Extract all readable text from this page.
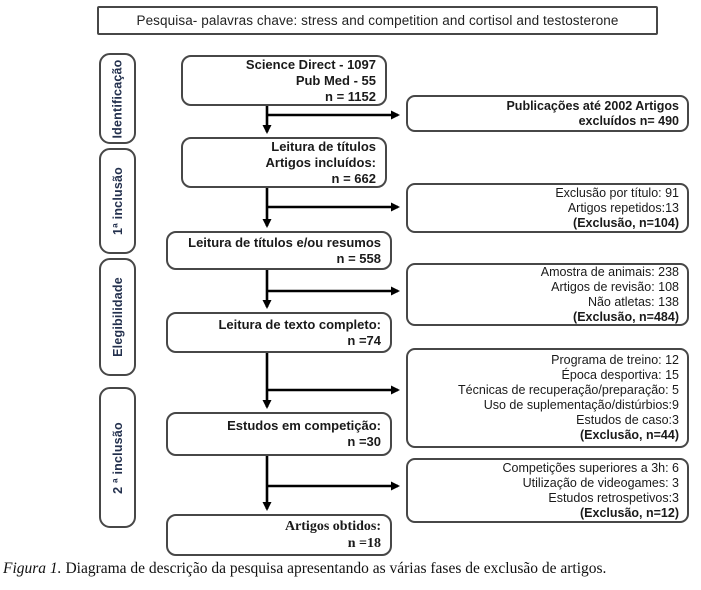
Pesquisa- palavras chave: stress and competition and cortisol and testosterone
Identificação
1ª inclusão
Elegibilidade
2 ª inclusão
Science Direct - 1097
Pub Med - 55
n = 1152
Leitura de títulos
Artigos incluídos:
n = 662
Leitura de títulos e/ou resumos
n = 558
Leitura de texto completo:
n =74
Estudos em competição:
n =30
Artigos obtidos:
n =18
Publicações até 2002 Artigos
excluídos n= 490
Exclusão por título: 91
Artigos repetidos:13
(Exclusão, n=104)
Amostra de animais: 238
Artigos de revisão: 108
Não atletas: 138
(Exclusão, n=484)
Programa de treino: 12
Época desportiva: 15
Técnicas de recuperação/preparação: 5
Uso de suplementação/distúrbios:9
Estudos de caso:3
(Exclusão, n=44)
Competições superiores a 3h: 6
Utilização de videogames: 3
Estudos retrospetivos:3
(Exclusão, n=12)
Figura 1. Diagrama de descrição da pesquisa apresentando as várias fases de exclusão de artigos.
